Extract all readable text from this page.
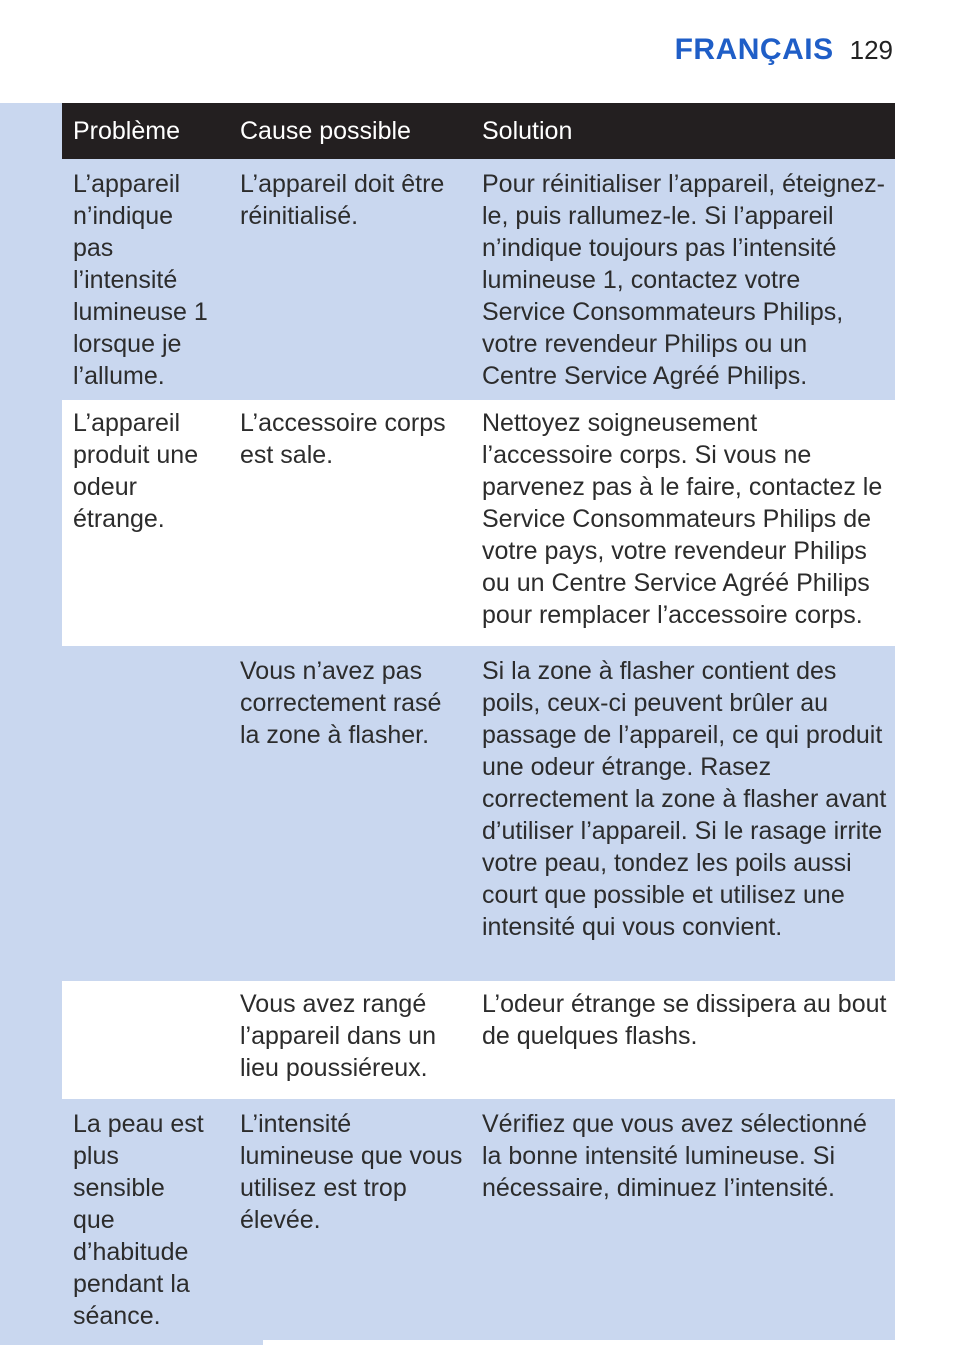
FRANÇAIS 129
Problème	Cause possible	Solution
L’appareil n’indique pas l’intensité lumineuse 1 lorsque je l’allume.	L’appareil doit être réinitialisé.	Pour réinitialiser l’appareil, éteignez-le, puis rallumez-le. Si l’appareil n’indique toujours pas l’intensité lumineuse 1, contactez votre Service Consommateurs Philips, votre revendeur Philips ou un Centre Service Agréé Philips.
L’appareil produit une odeur étrange.	L’accessoire corps est sale.	Nettoyez soigneusement l’accessoire corps. Si vous ne parvenez pas à le faire, contactez le Service Consommateurs Philips de votre pays, votre revendeur Philips ou un Centre Service Agréé Philips pour remplacer l’accessoire corps.
	Vous n’avez pas correctement rasé la zone à flasher.	Si la zone à flasher contient des poils, ceux-ci peuvent brûler au passage de l’appareil, ce qui produit une odeur étrange. Rasez correctement la zone à flasher avant d’utiliser l’appareil. Si le rasage irrite votre peau, tondez les poils aussi court que possible et utilisez une intensité qui vous convient.
	Vous avez rangé l’appareil dans un lieu poussiéreux.	L’odeur étrange se dissipera au bout de quelques flashs.
La peau est plus sensible que d’habitude pendant la séance.	L’intensité lumineuse que vous utilisez est trop élevée.	Vérifiez que vous avez sélectionné la bonne intensité lumineuse. Si nécessaire, diminuez l’intensité.
